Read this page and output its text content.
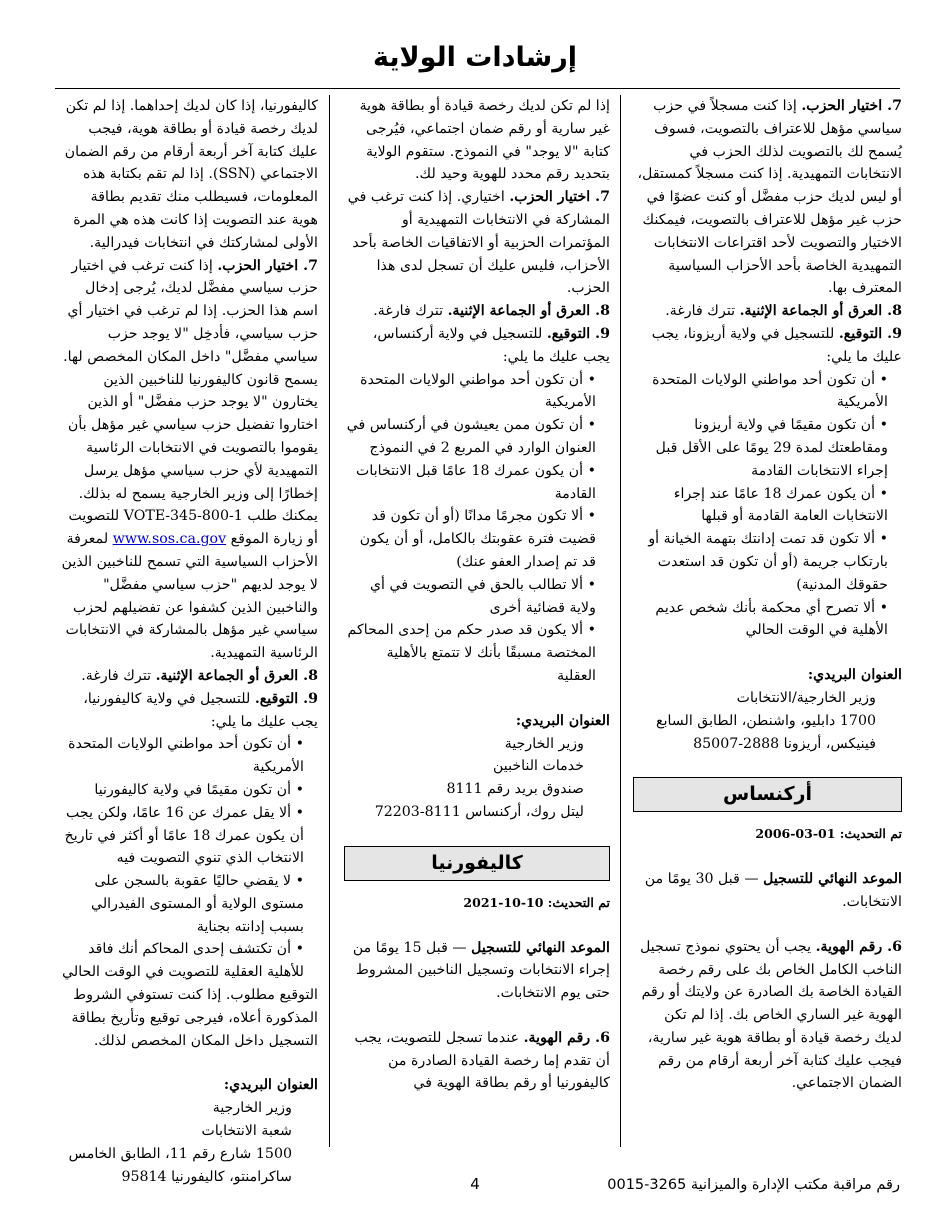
إرشادات الولاية

7. اختيار الحزب. إذا كنت مسجلاً في حزب سياسي مؤهل للاعتراف بالتصويت، فسوف يُسمح لك بالتصويت لذلك الحزب في الانتخابات التمهيدية. إذا كنت مسجلاً كمستقل، أو ليس لديك حزب مفضَّل أو كنت عضوًا في حزب غير مؤهل للاعتراف بالتصويت، فيمكنك الاختيار والتصويت لأحد اقتراعات الانتخابات التمهيدية الخاصة بأحد الأحزاب السياسية المعترف بها.

8. العرق أو الجماعة الإثنية. تترك فارغة.

9. التوقيع. للتسجيل في ولاية أريزونا، يجب عليك ما يلي:

• أن تكون أحد مواطني الولايات المتحدة الأمريكية

• أن تكون مقيمًا في ولاية أريزونا ومقاطعتك لمدة 29 يومًا على الأقل قبل إجراء الانتخابات القادمة

• أن يكون عمرك 18 عامًا عند إجراء الانتخابات العامة القادمة أو قبلها

• ألا تكون قد تمت إدانتك بتهمة الخيانة أو بارتكاب جريمة (أو أن تكون قد استعدت حقوقك المدنية)

• ألا تصرح أي محكمة بأنك شخص عديم الأهلية في الوقت الحالي

العنوان البريدي:

وزير الخارجية/الانتخابات

1700 دابليو، واشنطن، الطابق السابع

فينيكس، أريزونا 2888-85007

أركنساس

تم التحديث: 01-03-2006

الموعد النهائي للتسجيل — قبل 30 يومًا من الانتخابات.

6. رقم الهوية. يجب أن يحتوي نموذج تسجيل الناخب الكامل الخاص بك على رقم رخصة القيادة الخاصة بك الصادرة عن ولايتك أو رقم الهوية غير الساري الخاص بك. إذا لم تكن لديك رخصة قيادة أو بطاقة هوية غير سارية، فيجب عليك كتابة آخر أربعة أرقام من رقم الضمان الاجتماعي.

إذا لم تكن لديك رخصة قيادة أو بطاقة هوية غير سارية أو رقم ضمان اجتماعي، فيُرجى كتابة "لا يوجد" في النموذج. ستقوم الولاية بتحديد رقم محدد للهوية وحيد لك.

7. اختيار الحزب. اختياري. إذا كنت ترغب في المشاركة في الانتخابات التمهيدية أو المؤتمرات الحزبية أو الاتفاقيات الخاصة بأحد الأحزاب، فليس عليك أن تسجل لدى هذا الحزب.

8. العرق أو الجماعة الإثنية. تترك فارغة.

9. التوقيع. للتسجيل في ولاية أركنساس، يجب عليك ما يلي:

• أن تكون أحد مواطني الولايات المتحدة الأمريكية

• أن تكون ممن يعيشون في أركنساس في العنوان الوارد في المربع 2 في النموذج

• أن يكون عمرك 18 عامًا قبل الانتخابات القادمة

• ألا تكون مجرمًا مدانًا (أو أن تكون قد قضيت فترة عقوبتك بالكامل، أو أن يكون قد تم إصدار العفو عنك)

• ألا تطالب بالحق في التصويت في أي ولاية قضائية أخرى

• ألا يكون قد صدر حكم من إحدى المحاكم المختصة مسبقًا بأنك لا تتمتع بالأهلية العقلية

العنوان البريدي:

وزير الخارجية

خدمات الناخبين

صندوق بريد رقم 8111

ليتل روك، أركنساس 8111-72203

كاليفورنيا

تم التحديث: 10-10-2021

الموعد النهائي للتسجيل — قبل 15 يومًا من إجراء الانتخابات وتسجيل الناخبين المشروط حتى يوم الانتخابات.

6. رقم الهوية. عندما تسجل للتصويت، يجب أن تقدم إما رخصة القيادة الصادرة من كاليفورنيا أو رقم بطاقة الهوية في

كاليفورنيا، إذا كان لديك إحداهما. إذا لم تكن لديك رخصة قيادة أو بطاقة هوية، فيجب عليك كتابة آخر أربعة أرقام من رقم الضمان الاجتماعي (SSN). إذا لم تقم بكتابة هذه المعلومات، فسيطلب منك تقديم بطاقة هوية عند التصويت إذا كانت هذه هي المرة الأولى لمشاركتك في انتخابات فيدرالية.

7. اختيار الحزب. إذا كنت ترغب في اختيار حزب سياسي مفضَّل لديك، يُرجى إدخال اسم هذا الحزب. إذا لم ترغب في اختيار أي حزب سياسي، فأدخِل "لا يوجد حزب سياسي مفضَّل" داخل المكان المخصص لها. يسمح قانون كاليفورنيا للناخبين الذين يختارون "لا يوجد حزب مفضَّل" أو الذين اختاروا تفضيل حزب سياسي غير مؤهل بأن يقوموا بالتصويت في الانتخابات الرئاسية التمهيدية لأي حزب سياسي مؤهل يرسل إخطارًا إلى وزير الخارجية يسمح له بذلك. يمكنك طلب 1-800-345-VOTE للتصويت أو زيارة الموقع www.sos.ca.gov لمعرفة الأحزاب السياسية التي تسمح للناخبين الذين لا يوجد لديهم "حزب سياسي مفضَّل" والناخبين الذين كشفوا عن تفضيلهم لحزب سياسي غير مؤهل بالمشاركة في الانتخابات الرئاسية التمهيدية.

8. العرق أو الجماعة الإثنية. تترك فارغة.

9. التوقيع. للتسجيل في ولاية كاليفورنيا، يجب عليك ما يلي:

• أن تكون أحد مواطني الولايات المتحدة الأمريكية

• أن تكون مقيمًا في ولاية كاليفورنيا

• ألا يقل عمرك عن 16 عامًا، ولكن يجب أن يكون عمرك 18 عامًا أو أكثر في تاريخ الانتخاب الذي تنوي التصويت فيه

• لا يقضي حاليًا عقوبة بالسجن على مستوى الولاية أو المستوى الفيدرالي بسبب إدانته بجناية

• أن تكتشف إحدى المحاكم أنك فاقد للأهلية العقلية للتصويت في الوقت الحالي

التوقيع مطلوب. إذا كنت تستوفي الشروط المذكورة أعلاه، فيرجى توقيع وتأريخ بطاقة التسجيل داخل المكان المخصص لذلك.

العنوان البريدي:

وزير الخارجية

شعبة الانتخابات

1500 شارع رقم 11، الطابق الخامس

ساكرامنتو، كاليفورنيا 95814	4	رقم مراقبة مكتب الإدارة والميزانية 3265-0015
